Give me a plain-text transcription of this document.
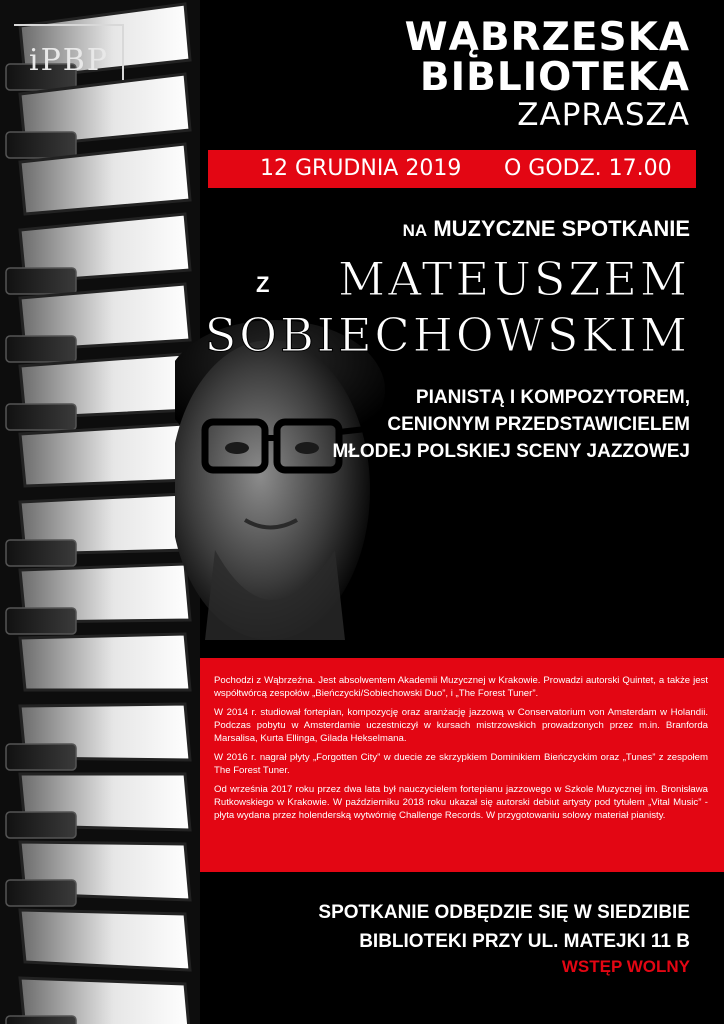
iPBP
WĄBRZESKA
BIBLIOTEKA
ZAPRASZA
12 GRUDNIA 2019 O GODZ. 17.00
NA MUZYCZNE SPOTKANIE
Z MATEUSZEM
SOBIECHOWSKIM
PIANISTĄ I KOMPOZYTOREM,
CENIONYM PRZEDSTAWICIELEM
MŁODEJ POLSKIEJ SCENY JAZZOWEJ

Pochodzi z Wąbrzeźna. Jest absolwentem Akademii Muzycznej w Krakowie. Prowadzi autorski Quintet, a także jest współtwórcą zespołów „Bieńczycki/Sobiechowski Duo”, i „The Forest Tuner”.

W 2014 r. studiował fortepian, kompozycję oraz aranżację jazzową w Conservatorium von Amsterdam w Holandii. Podczas pobytu w Amsterdamie uczestniczył w kursach mistrzowskich prowadzonych przez m.in. Branforda Marsalisa, Kurta Ellinga, Gilada Hekselmana.

W 2016 r. nagrał płyty „Forgotten City” w duecie ze skrzypkiem Dominikiem Bieńczyckim oraz „Tunes” z zespołem The Forest Tuner.

Od września 2017 roku przez dwa lata był nauczycielem fortepianu jazzowego w Szkole Muzycznej im. Bronisława Rutkowskiego w Krakowie. W październiku 2018 roku ukazał się autorski debiut artysty pod tytułem „Vital Music” - płyta wydana przez holenderską wytwórnię Challenge Records. W przygotowaniu solowy materiał pianisty.

SPOTKANIE ODBĘDZIE SIĘ W SIEDZIBIE
BIBLIOTEKI PRZY UL. MATEJKI 11 B
WSTĘP WOLNY
